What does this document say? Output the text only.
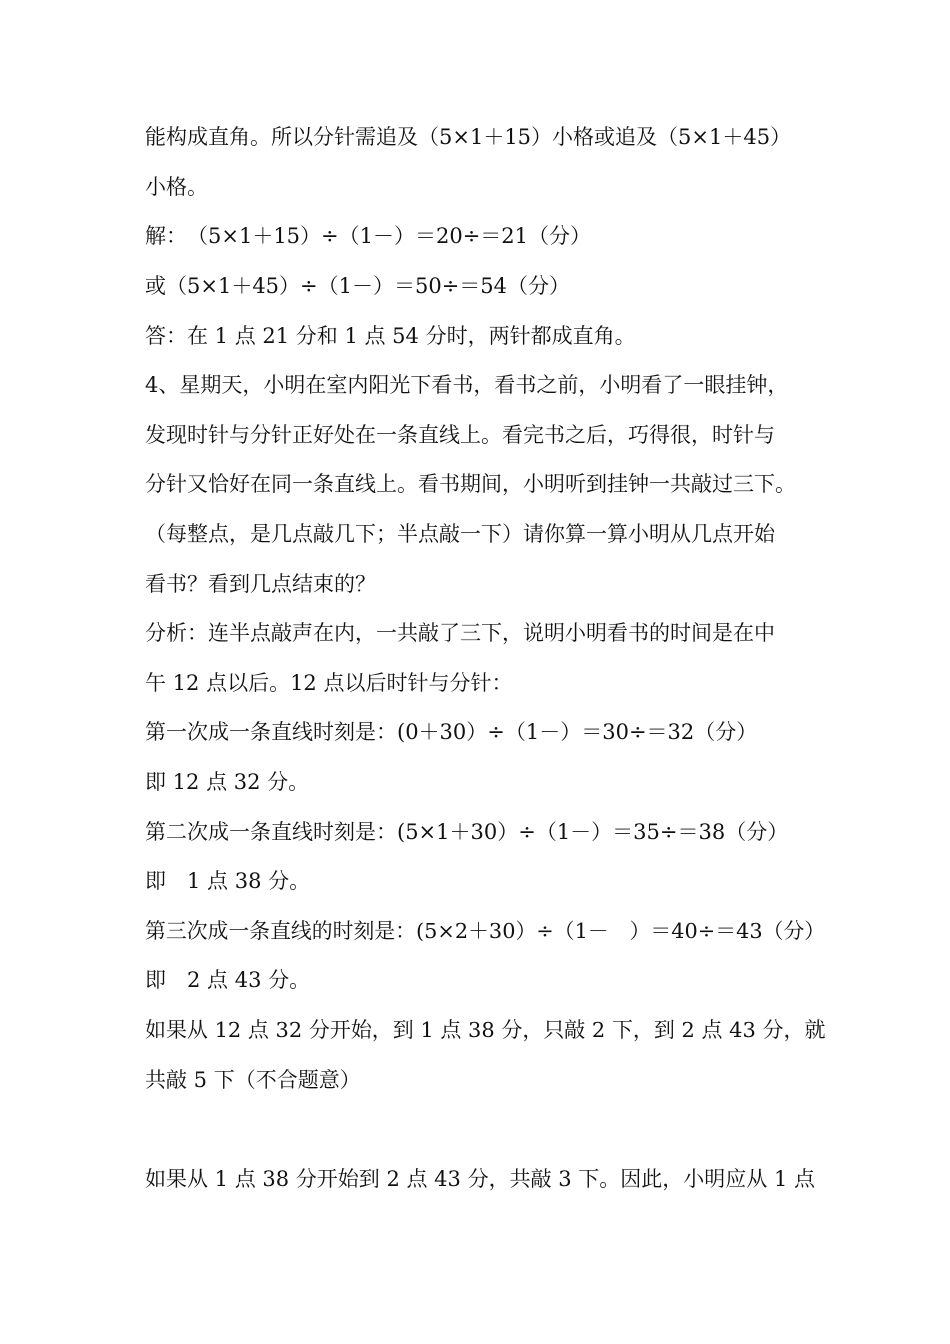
能构成直角。所以分针需追及（5×1＋15）小格或追及（5×1＋45）
小格。
解：　（5×1＋15）÷（1－）＝20÷＝21（分）
或（5×1＋45）÷（1－）＝50÷＝54（分）
答：在 1 点 21 分和 1 点 54 分时，两针都成直角。
4、星期天，小明在室内阳光下看书，看书之前，小明看了一眼挂钟，
发现时针与分针正好处在一条直线上。看完书之后，巧得很，时针与
分针又恰好在同一条直线上。看书期间，小明听到挂钟一共敲过三下。
（每整点，是几点敲几下；半点敲一下）请你算一算小明从几点开始
看书？看到几点结束的？
分析：连半点敲声在内，一共敲了三下，说明小明看书的时间是在中
午 12 点以后。12 点以后时针与分针：
第一次成一条直线时刻是：(0＋30）÷（1－）＝30÷＝32（分）
即 12 点 32 分。
第二次成一条直线时刻是：(5×1＋30）÷（1－）＝35÷＝38（分）
即　1 点 38 分。
第三次成一条直线的时刻是：(5×2＋30）÷（1－　）＝40÷＝43（分）
即　2 点 43 分。
如果从 12 点 32 分开始，到 1 点 38 分，只敲 2 下，到 2 点 43 分，就
共敲 5 下（不合题意）
如果从 1 点 38 分开始到 2 点 43 分，共敲 3 下。因此，小明应从 1 点
